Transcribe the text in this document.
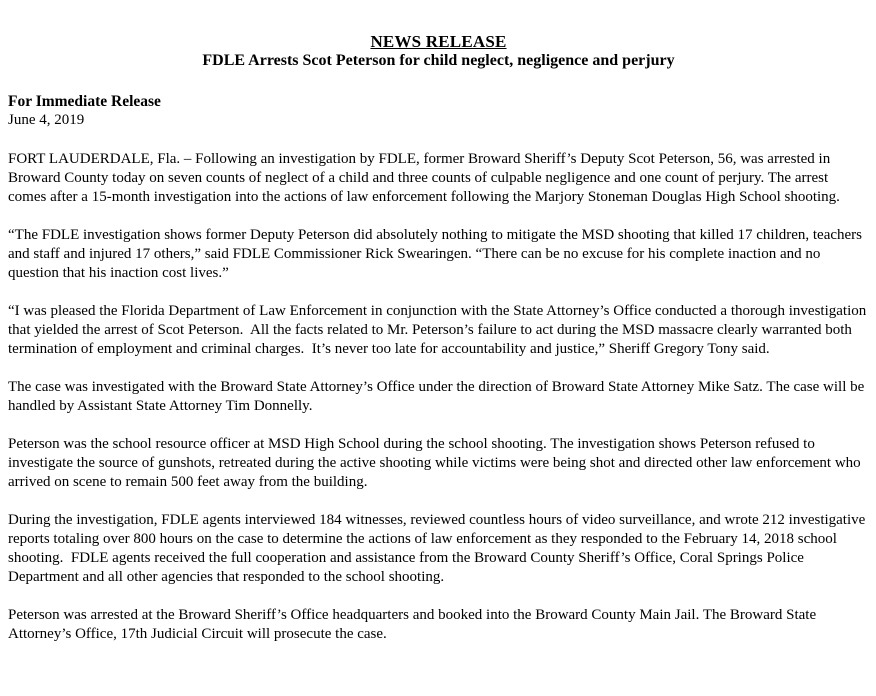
NEWS RELEASE
FDLE Arrests Scot Peterson for child neglect, negligence and perjury

For Immediate Release

June 4, 2019

FORT LAUDERDALE, Fla. – Following an investigation by FDLE, former Broward Sheriff’s Deputy Scot Peterson, 56, was arrested in Broward County today on seven counts of neglect of a child and three counts of culpable negligence and one count of perjury. The arrest comes after a 15-month investigation into the actions of law enforcement following the Marjory Stoneman Douglas High School shooting.

“The FDLE investigation shows former Deputy Peterson did absolutely nothing to mitigate the MSD shooting that killed 17 children, teachers and staff and injured 17 others,” said FDLE Commissioner Rick Swearingen. “There can be no excuse for his complete inaction and no question that his inaction cost lives.”

“I was pleased the Florida Department of Law Enforcement in conjunction with the State Attorney’s Office conducted a thorough investigation that yielded the arrest of Scot Peterson.  All the facts related to Mr. Peterson’s failure to act during the MSD massacre clearly warranted both termination of employment and criminal charges.  It’s never too late for accountability and justice,” Sheriff Gregory Tony said.

The case was investigated with the Broward State Attorney’s Office under the direction of Broward State Attorney Mike Satz. The case will be handled by Assistant State Attorney Tim Donnelly.

Peterson was the school resource officer at MSD High School during the school shooting. The investigation shows Peterson refused to investigate the source of gunshots, retreated during the active shooting while victims were being shot and directed other law enforcement who arrived on scene to remain 500 feet away from the building.

During the investigation, FDLE agents interviewed 184 witnesses, reviewed countless hours of video surveillance, and wrote 212 investigative reports totaling over 800 hours on the case to determine the actions of law enforcement as they responded to the February 14, 2018 school shooting.  FDLE agents received the full cooperation and assistance from the Broward County Sheriff’s Office, Coral Springs Police Department and all other agencies that responded to the school shooting.

Peterson was arrested at the Broward Sheriff’s Office headquarters and booked into the Broward County Main Jail. The Broward State Attorney’s Office, 17th Judicial Circuit will prosecute the case.
